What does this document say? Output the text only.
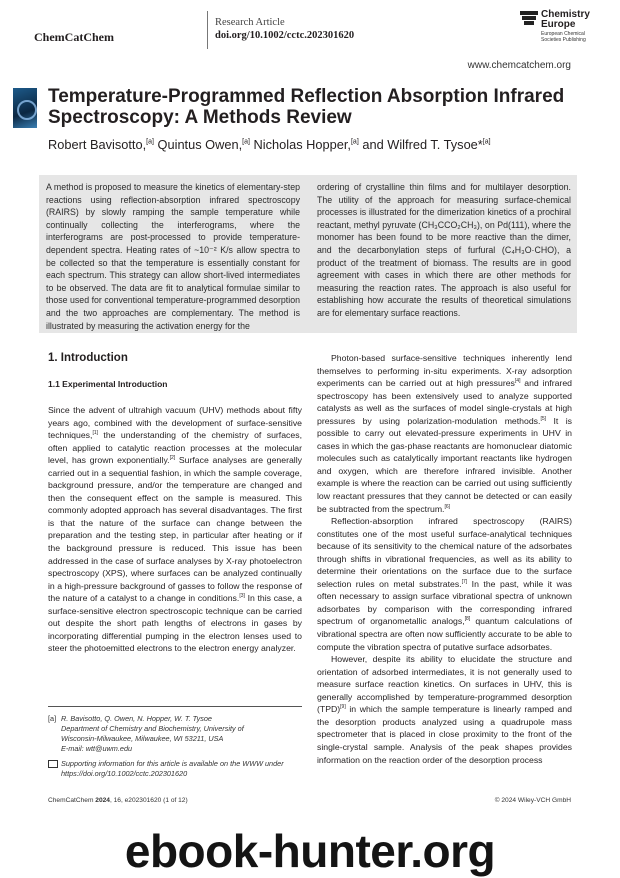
ChemCatChem
Research Article
doi.org/10.1002/cctc.202301620
Chemistry Europe
European Chemical Societies Publishing
www.chemcatchem.org
Temperature-Programmed Reflection Absorption Infrared Spectroscopy: A Methods Review
Robert Bavisotto,[a] Quintus Owen,[a] Nicholas Hopper,[a] and Wilfred T. Tysoe*[a]
A method is proposed to measure the kinetics of elementary-step reactions using reflection-absorption infrared spectroscopy (RAIRS) by slowly ramping the sample temperature while continually collecting the interferograms, where the interferograms are post-processed to provide temperature-dependent spectra. Heating rates of ~10⁻² K/s allow spectra to be collected so that the temperature is essentially constant for each spectrum. This strategy can allow short-lived intermediates to be observed. The data are fit to analytical formulae similar to those used for conventional temperature-programmed desorption and the two approaches are complementary. The method is illustrated by measuring the activation energy for the
ordering of crystalline thin films and for multilayer desorption. The utility of the approach for measuring surface-chemical processes is illustrated for the dimerization kinetics of a prochiral reactant, methyl pyruvate (CH₃CCO₂CH₃), on Pd(111), where the monomer has been found to be more reactive than the dimer, and the decarbonylation steps of furfural (C₄H₃O·CHO), a product of the treatment of biomass. The results are in good agreement with cases in which there are other methods for measuring the reaction rates. The approach is also useful for establishing how accurate the results of theoretical simulations are for elementary surface reactions.
1. Introduction
1.1 Experimental Introduction

Since the advent of ultrahigh vacuum (UHV) methods about fifty years ago, combined with the development of surface-sensitive techniques,[1] the understanding of the chemistry of surfaces, often applied to catalytic reaction processes at the molecular level, has grown exponentially.[2] Surface analyses are generally carried out in a sequential fashion, in which the sample coverage, background pressure, and/or the temperature are changed and then the consequent effect on the sample is measured. This commonly adopted approach has several disadvantages. The first is that the nature of the surface can change between the preparation and the testing step, in particular after heating or if the background pressure is reduced. This issue has been addressed in the case of surface analyses by X-ray photoelectron spectroscopy (XPS), where surfaces can be analyzed continually in a high-pressure background of gasses to follow the response of the nature of a catalyst to a change in conditions.[3] In this case, a surface-sensitive electron spectroscopic technique can be carried out despite the short path lengths of electrons in gases by incorporating differential pumping in the electron lenses used to steer the photoemitted electrons to the electron energy analyzer.

Photon-based surface-sensitive techniques inherently lend themselves to performing in-situ experiments. X-ray adsorption experiments can be carried out at high pressures[4] and infrared spectroscopy has been extensively used to analyze supported catalysts as well as the surfaces of model single-crystals at high pressures by using polarization-modulation methods.[5] It is possible to carry out elevated-pressure experiments in UHV in cases in which the gas-phase reactants are homonuclear diatomic molecules such as catalytically important reactants like hydrogen and oxygen, which are therefore infrared invisible. Another example is where the reaction can be carried out using sufficiently low reactant pressures that they cannot be detected or can easily be subtracted from the spectrum.[6]

Reflection-absorption infrared spectroscopy (RAIRS) constitutes one of the most useful surface-analytical techniques because of its sensitivity to the chemical nature of the adsorbates through shifts in vibrational frequencies, as well as its ability to determine their orientations on the surface due to the surface selection rules on metal substrates.[7] In the past, while it was often necessary to assign surface vibrational spectra of unknown adsorbates by comparison with the corresponding infrared spectrum of organometallic analogs,[8] quantum calculations of vibrational spectra are often now sufficiently accurate to be able to compute the vibration spectra of putative surface adsorbates.

However, despite its ability to elucidate the structure and orientation of adsorbed intermediates, it is not generally used to measure surface reaction kinetics. On surfaces in UHV, this is generally accomplished by temperature-programmed desorption (TPD)[9] in which the sample temperature is linearly ramped and the desorption products analyzed using a quadrupole mass spectrometer that is placed in close proximity to the front of the single-crystal sample. Analysis of the peak shapes provides information on the reaction order of the desorption process

[a] R. Bavisotto, Q. Owen, N. Hopper, W. T. Tysoe
Department of Chemistry and Biochemistry, University of
Wisconsin-Milwaukee, Milwaukee, WI 53211, USA
E-mail: wtt@uwm.edu
Supporting information for this article is available on the WWW under https://doi.org/10.1002/cctc.202301620
ChemCatChem 2024, 16, e202301620 (1 of 12)	© 2024 Wiley-VCH GmbH
ebook-hunter.org
